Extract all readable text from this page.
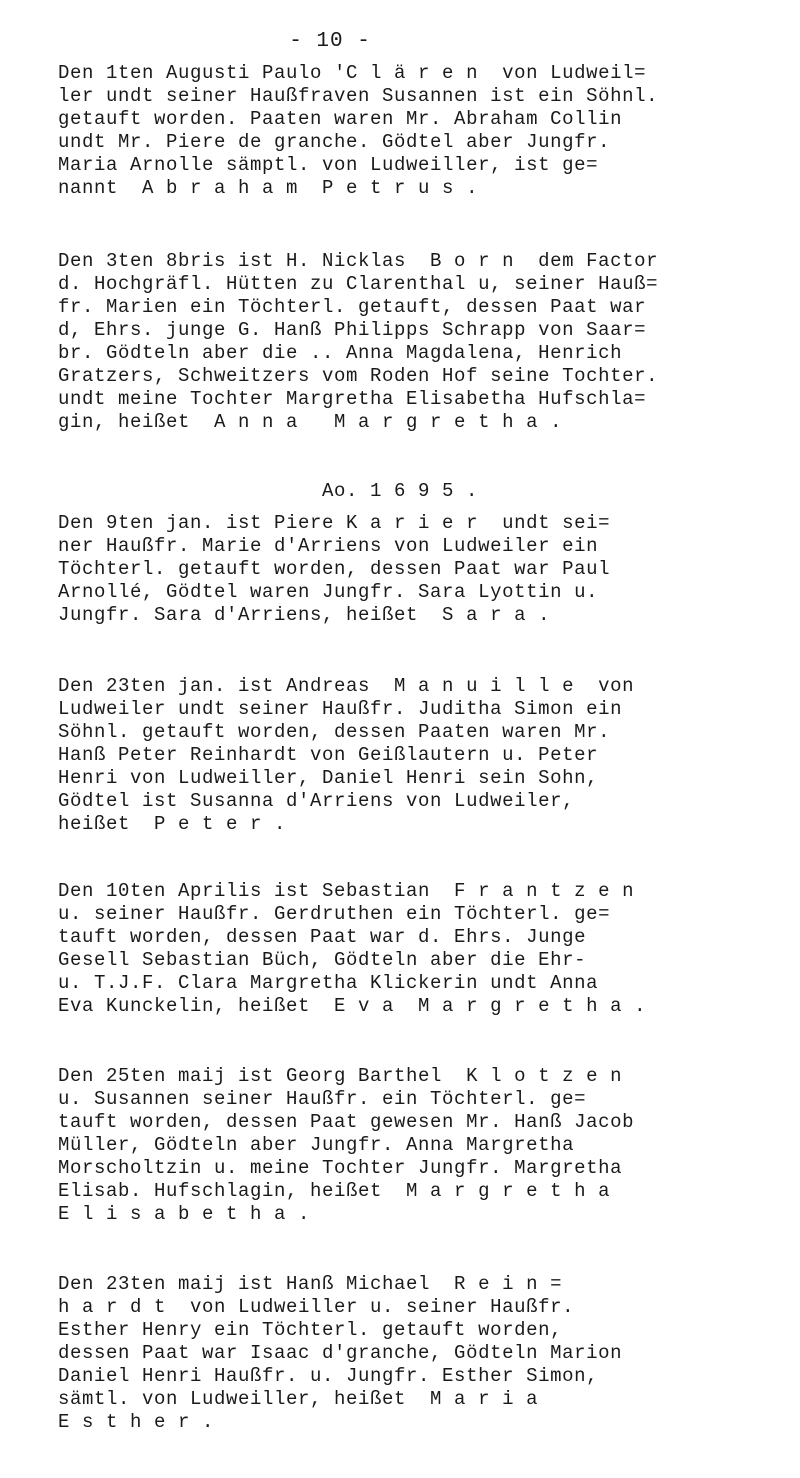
- 10 -
Ao. 1 6 9 5 .
Den 1ten Augusti Paulo 'C l ä r e n  von Ludweil=
ler undt seiner Haußfraven Susannen ist ein Söhnl.
getauft worden. Paaten waren Mr. Abraham Collin
undt Mr. Piere de granche. Gödtel aber Jungfr.
Maria Arnolle sämptl. von Ludweiller, ist ge=
nannt  A b r a h a m  P e t r u s .
Den 3ten 8bris ist H. Nicklas  B o r n  dem Factor
d. Hochgräfl. Hütten zu Clarenthal u, seiner Hauß=
fr. Marien ein Töchterl. getauft, dessen Paat war
d, Ehrs. junge G. Hanß Philipps Schrapp von Saar=
br. Gödteln aber die .. Anna Magdalena, Henrich
Gratzers, Schweitzers vom Roden Hof seine Tochter.
undt meine Tochter Margretha Elisabetha Hufschla=
gin, heißet  A n n a   M a r g r e t h a .
Den 9ten jan. ist Piere K a r i e r  undt sei=
ner Haußfr. Marie d'Arriens von Ludweiler ein
Töchterl. getauft worden, dessen Paat war Paul
Arnollé, Gödtel waren Jungfr. Sara Lyottin u.
Jungfr. Sara d'Arriens, heißet  S a r a .
Den 23ten jan. ist Andreas  M a n u i l l e  von
Ludweiler undt seiner Haußfr. Juditha Simon ein
Söhnl. getauft worden, dessen Paaten waren Mr.
Hanß Peter Reinhardt von Geißlautern u. Peter
Henri von Ludweiller, Daniel Henri sein Sohn,
Gödtel ist Susanna d'Arriens von Ludweiler,
heißet  P e t e r .
Den 10ten Aprilis ist Sebastian  F r a n t z e n
u. seiner Haußfr. Gerdruthen ein Töchterl. ge=
tauft worden, dessen Paat war d. Ehrs. Junge
Gesell Sebastian Büch, Gödteln aber die Ehr-
u. T.J.F. Clara Margretha Klickerin undt Anna
Eva Kunckelin, heißet  E v a  M a r g r e t h a .
Den 25ten maij ist Georg Barthel  K l o t z e n
u. Susannen seiner Haußfr. ein Töchterl. ge=
tauft worden, dessen Paat gewesen Mr. Hanß Jacob
Müller, Gödteln aber Jungfr. Anna Margretha
Morscholtzin u. meine Tochter Jungfr. Margretha
Elisab. Hufschlagin, heißet  M a r g r e t h a
E l i s a b e t h a .
Den 23ten maij ist Hanß Michael  R e i n =
h a r d t  von Ludweiller u. seiner Haußfr.
Esther Henry ein Töchterl. getauft worden,
dessen Paat war Isaac d'granche, Gödteln Marion
Daniel Henri Haußfr. u. Jungfr. Esther Simon,
sämtl. von Ludweiller, heißet  M a r i a
E s t h e r .
